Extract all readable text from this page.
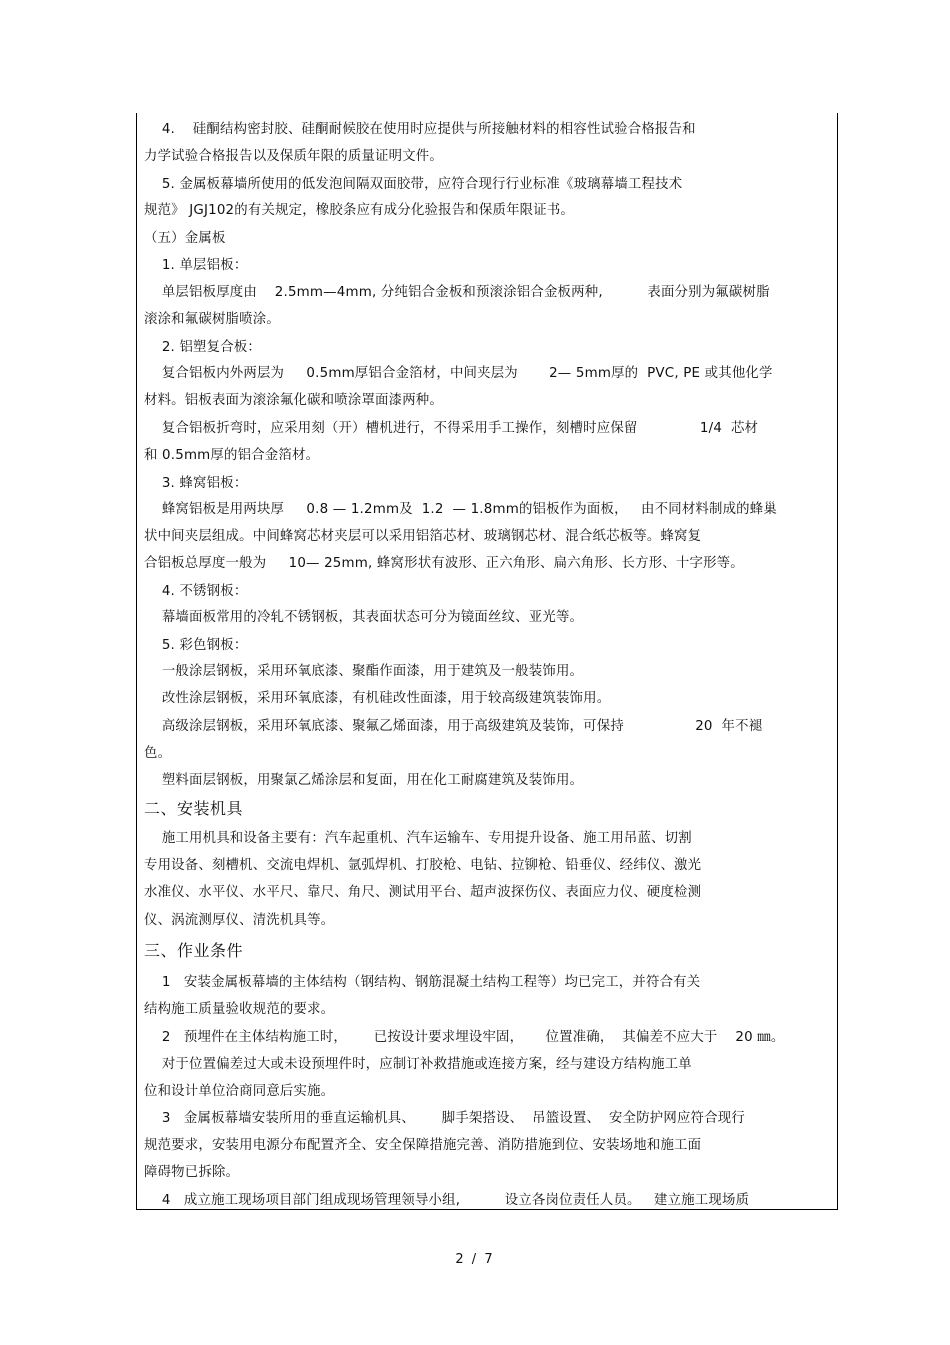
4.    硅酮结构密封胶、硅酮耐候胶在使用时应提供与所接触材料的相容性试验合格报告和
力学试验合格报告以及保质年限的质量证明文件。
5. 金属板幕墙所使用的低发泡间隔双面胶带，应符合现行行业标准《玻璃幕墙工程技术
规范》 JGJ102的有关规定，橡胶条应有成分化验报告和保质年限证书。
（五）金属板
1. 单层铝板：
单层铝板厚度由    2.5mm—4mm, 分纯铝合金板和预滚涂铝合金板两种,          表面分别为氟碳树脂
滚涂和氟碳树脂喷涂。
2. 铝塑复合板：
复合铝板内外两层为     0.5mm厚铝合金箔材，中间夹层为       2— 5mm厚的  PVC, PE 或其他化学
材料。铝板表面为滚涂氟化碳和喷涂罩面漆两种。
复合铝板折弯时，应采用刻（开）槽机进行，不得采用手工操作，刻槽时应保留              1/4  芯材
和 0.5mm厚的铝合金箔材。
3. 蜂窝铝板：
蜂窝铝板是用两块厚     0.8 — 1.2mm及  1.2  — 1.8mm的铝板作为面板，   由不同材料制成的蜂巢
状中间夹层组成。中间蜂窝芯材夹层可以采用铝箔芯材、玻璃钢芯材、混合纸芯板等。蜂窝复
合铝板总厚度一般为     10— 25mm, 蜂窝形状有波形、正六角形、扁六角形、长方形、十字形等。
4. 不锈钢板：
幕墙面板常用的冷轧不锈钢板，其表面状态可分为镜面丝纹、亚光等。
5. 彩色钢板：
一般涂层钢板，采用环氧底漆、聚酯作面漆，用于建筑及一般装饰用。
改性涂层钢板，采用环氧底漆，有机硅改性面漆，用于较高级建筑装饰用。
高级涂层钢板，采用环氧底漆、聚氟乙烯面漆，用于高级建筑及装饰，可保持                20  年不褪
色。
塑料面层钢板，用聚氯乙烯涂层和复面，用在化工耐腐建筑及装饰用。
二、安装机具
施工用机具和设备主要有：汽车起重机、汽车运输车、专用提升设备、施工用吊蓝、切割
专用设备、刻槽机、交流电焊机、氩弧焊机、打胶枪、电钻、拉铆枪、铅垂仪、经纬仪、激光
水准仪、水平仪、水平尺、靠尺、角尺、测试用平台、超声波探伤仪、表面应力仪、硬度检测
仪、涡流测厚仪、清洗机具等。
三、作业条件
1   安装金属板幕墙的主体结构（钢结构、钢筋混凝土结构工程等）均已完工，并符合有关
结构施工质量验收规范的要求。
2   预埋件在主体结构施工时，      已按设计要求埋设牢固，     位置准确，  其偏差不应大于    20 ㎜。
对于位置偏差过大或未设预埋件时，应制订补救措施或连接方案，经与建设方结构施工单
位和设计单位洽商同意后实施。
3   金属板幕墙安装所用的垂直运输机具、      脚手架搭设、  吊篮设置、  安全防护网应符合现行
规范要求，安装用电源分布配置齐全、安全保障措施完善、消防措施到位、安装场地和施工面
障碍物已拆除。
4   成立施工现场项目部门组成现场管理领导小组,          设立各岗位责任人员。   建立施工现场质
2 / 7
